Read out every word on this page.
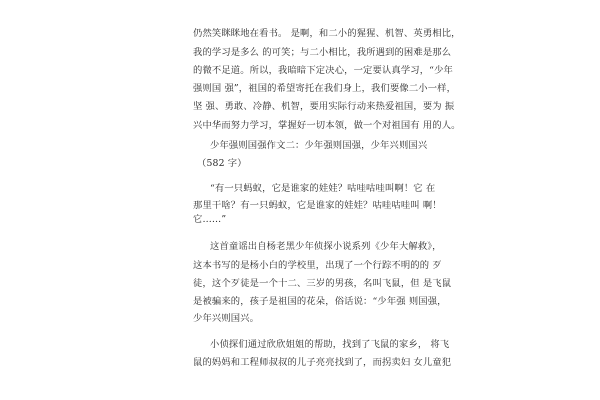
仍然笑眯眯地在看书。 是啊，和二小的猩猩、机智、英勇相比，
我的学习是多么 的可笑；与二小相比，我所遇到的困难是那么
的微不足道。所以，我暗暗下定决心，一定要认真学习，“少年
强则国 强”，祖国的希望寄托在我们身上，我们要像二小一样，
坚 强、勇敢、冷静、机智，要用实际行动来热爱祖国，要为 振
兴中华而努力学习，掌握好一切本领，做一个对祖国有 用的人。
少年强则国强作文二：少年强则国强，少年兴则国兴
（582 字）
“有一只蚂蚁，它是谁家的娃娃？咕哇咕哇叫啊！它 在
那里干啥？有一只蚂蚁，它是谁家的娃娃？咕哇咕哇叫 啊！
它……”
这首童谣出自杨老黑少年侦探小说系列《少年大解救》，
这本书写的是杨小白的学校里，出现了一个行踪不明的的 歹
徒，这个歹徒是一个十二、三岁的男孩，名叫飞鼠，但 是飞鼠
是被骗来的，孩子是祖国的花朵，俗话说：“少年强 则国强，
少年兴则国兴。
小侦探们通过欣欣姐姐的帮助，找到了飞鼠的家乡， 将飞
鼠的妈妈和工程师叔叔的儿子亮亮找到了，而拐卖妇 女儿童犯
